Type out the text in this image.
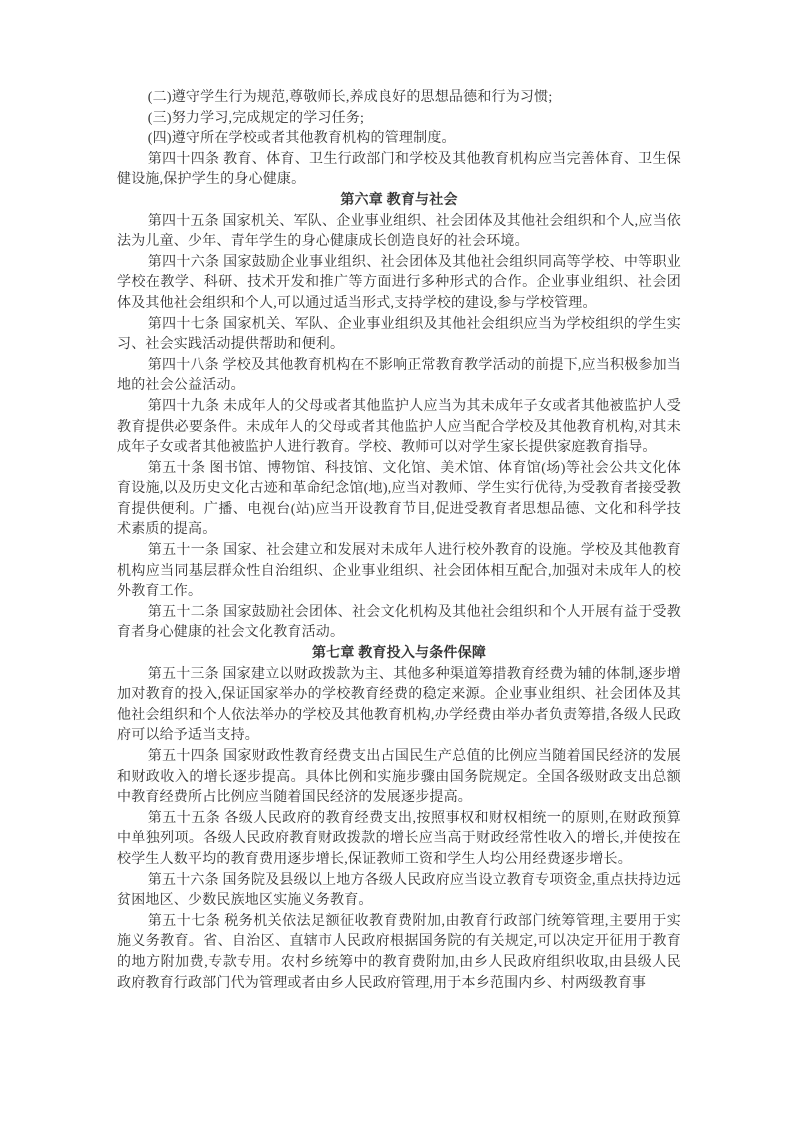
(二)遵守学生行为规范,尊敬师长,养成良好的思想品德和行为习惯;

(三)努力学习,完成规定的学习任务;

(四)遵守所在学校或者其他教育机构的管理制度。

第四十四条 教育、体育、卫生行政部门和学校及其他教育机构应当完善体育、卫生保健设施,保护学生的身心健康。

第六章 教育与社会

第四十五条 国家机关、军队、企业事业组织、社会团体及其他社会组织和个人,应当依法为儿童、少年、青年学生的身心健康成长创造良好的社会环境。

第四十六条 国家鼓励企业事业组织、社会团体及其他社会组织同高等学校、中等职业学校在教学、科研、技术开发和推广等方面进行多种形式的合作。企业事业组织、社会团体及其他社会组织和个人,可以通过适当形式,支持学校的建设,参与学校管理。

第四十七条 国家机关、军队、企业事业组织及其他社会组织应当为学校组织的学生实习、社会实践活动提供帮助和便利。

第四十八条 学校及其他教育机构在不影响正常教育教学活动的前提下,应当积极参加当地的社会公益活动。

第四十九条 未成年人的父母或者其他监护人应当为其未成年子女或者其他被监护人受教育提供必要条件。未成年人的父母或者其他监护人应当配合学校及其他教育机构,对其未成年子女或者其他被监护人进行教育。学校、教师可以对学生家长提供家庭教育指导。

第五十条 图书馆、博物馆、科技馆、文化馆、美术馆、体育馆(场)等社会公共文化体育设施,以及历史文化古迹和革命纪念馆(地),应当对教师、学生实行优待,为受教育者接受教育提供便利。广播、电视台(站)应当开设教育节目,促进受教育者思想品德、文化和科学技术素质的提高。

第五十一条 国家、社会建立和发展对未成年人进行校外教育的设施。学校及其他教育机构应当同基层群众性自治组织、企业事业组织、社会团体相互配合,加强对未成年人的校外教育工作。

第五十二条 国家鼓励社会团体、社会文化机构及其他社会组织和个人开展有益于受教育者身心健康的社会文化教育活动。

第七章 教育投入与条件保障

第五十三条 国家建立以财政拨款为主、其他多种渠道筹措教育经费为辅的体制,逐步增加对教育的投入,保证国家举办的学校教育经费的稳定来源。企业事业组织、社会团体及其他社会组织和个人依法举办的学校及其他教育机构,办学经费由举办者负责筹措,各级人民政府可以给予适当支持。

第五十四条 国家财政性教育经费支出占国民生产总值的比例应当随着国民经济的发展和财政收入的增长逐步提高。具体比例和实施步骤由国务院规定。全国各级财政支出总额中教育经费所占比例应当随着国民经济的发展逐步提高。

第五十五条 各级人民政府的教育经费支出,按照事权和财权相统一的原则,在财政预算中单独列项。各级人民政府教育财政拨款的增长应当高于财政经常性收入的增长,并使按在校学生人数平均的教育费用逐步增长,保证教师工资和学生人均公用经费逐步增长。

第五十六条 国务院及县级以上地方各级人民政府应当设立教育专项资金,重点扶持边远贫困地区、少数民族地区实施义务教育。

第五十七条 税务机关依法足额征收教育费附加,由教育行政部门统筹管理,主要用于实施义务教育。省、自治区、直辖市人民政府根据国务院的有关规定,可以决定开征用于教育的地方附加费,专款专用。农村乡统筹中的教育费附加,由乡人民政府组织收取,由县级人民政府教育行政部门代为管理或者由乡人民政府管理,用于本乡范围内乡、村两级教育事
